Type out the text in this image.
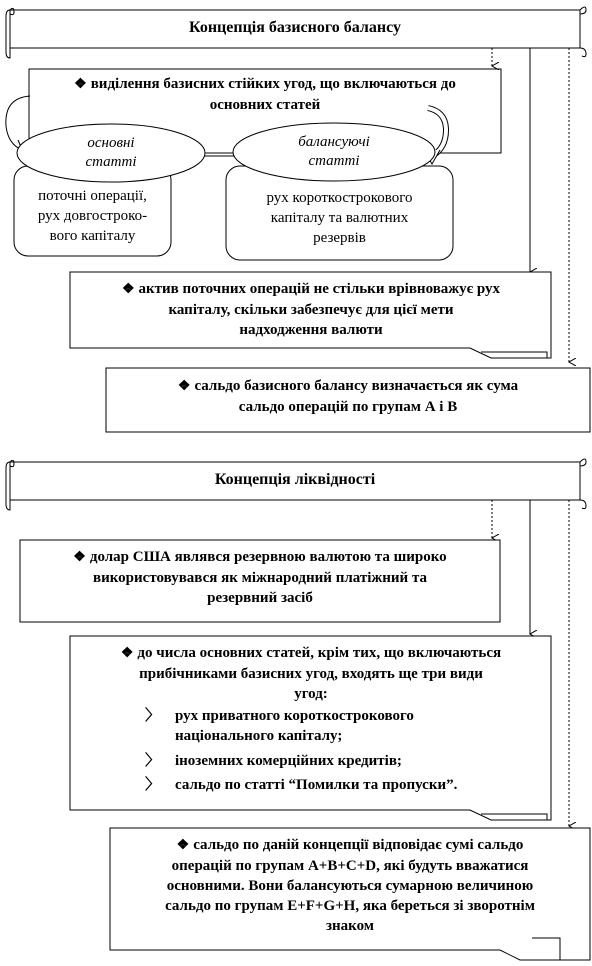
Концепція базисного балансу
❖ виділення базисних стійких угод, що включаються до
основних статей
основні
статті
балансуючі
статті
поточні операції,
рух довгостроко-
вого капіталу
рух короткострокового
капіталу та валютних
резервів
❖ актив поточних операцій не стільки врівноважує рух
капіталу, скільки забезпечує для цієї мети
надходження валюти
❖ сальдо базисного балансу визначається як сума
сальдо операцій по групам А і В
Концепція ліквідності
❖ долар США являвся резервною валютою та широко
використовувався як міжнародний платіжний та
резервний засіб
❖ до числа основних статей, крім тих, що включаються
прибічниками базисних угод, входять ще три види
угод:
〉 рух приватного короткострокового
національного капіталу;
〉 іноземних комерційних кредитів;
〉 сальдо по статті “Помилки та пропуски”.
❖ сальдо по даній концепції відповідає сумі сальдо
операцій по групам А+В+С+D, які будуть вважатися
основними. Вони балансуються сумарною величиною
сальдо по групам E+F+G+H, яка береться зі зворотнім
знаком
